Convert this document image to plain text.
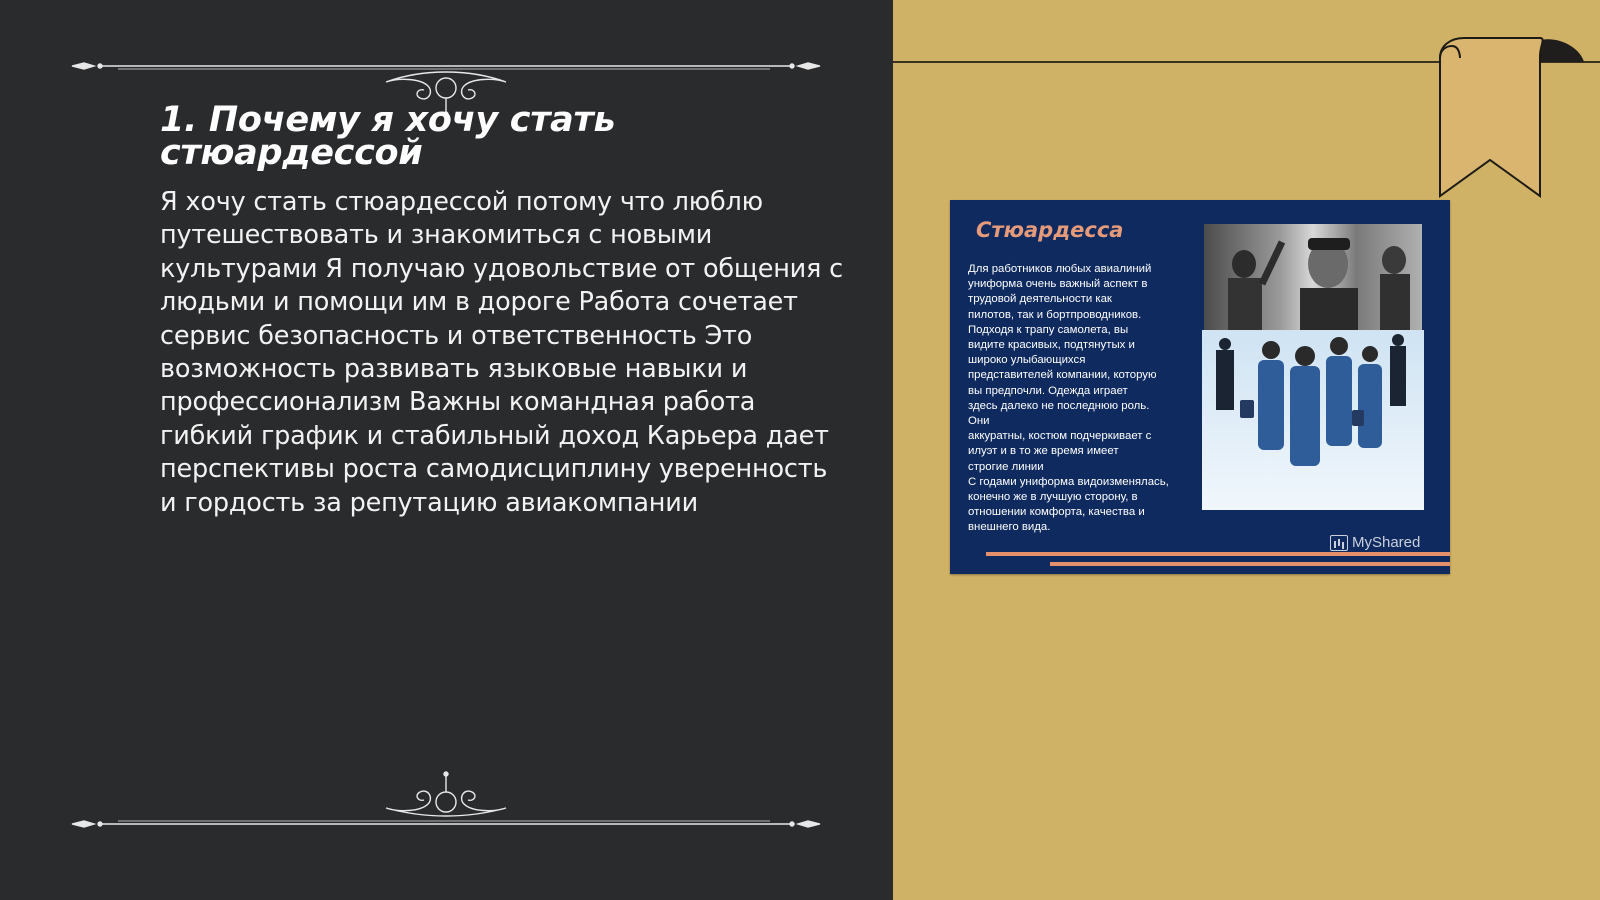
1. Почему я хочу стать стюардессой

Я хочу стать стюардессой потому что люблю путешествовать и знакомиться с новыми культурами Я получаю удовольствие от общения с людьми и помощи им в дороге Работа сочетает сервис безопасность и ответственность Это возможность развивать языковые навыки и профессионализм Важны командная работа гибкий график и стабильный доход Карьера дает перспективы роста самодисциплину уверенность и гордость за репутацию авиакомпании

Стюардесса

Для работников любых авиалиний
униформа очень важный аспект в
трудовой деятельности как
пилотов, так и бортпроводников.
Подходя к трапу самолета, вы
видите красивых, подтянутых и
широко улыбающихся
представителей компании, которую
вы предпочли. Одежда играет
здесь далеко не последнюю роль.
Они
аккуратны, костюм подчеркивает с
илуэт и в то же время имеет
строгие линии
С годами униформа видоизменялась,
конечно же в лучшую сторону, в
отношении комфорта, качества и
внешнего вида.

MyShared
